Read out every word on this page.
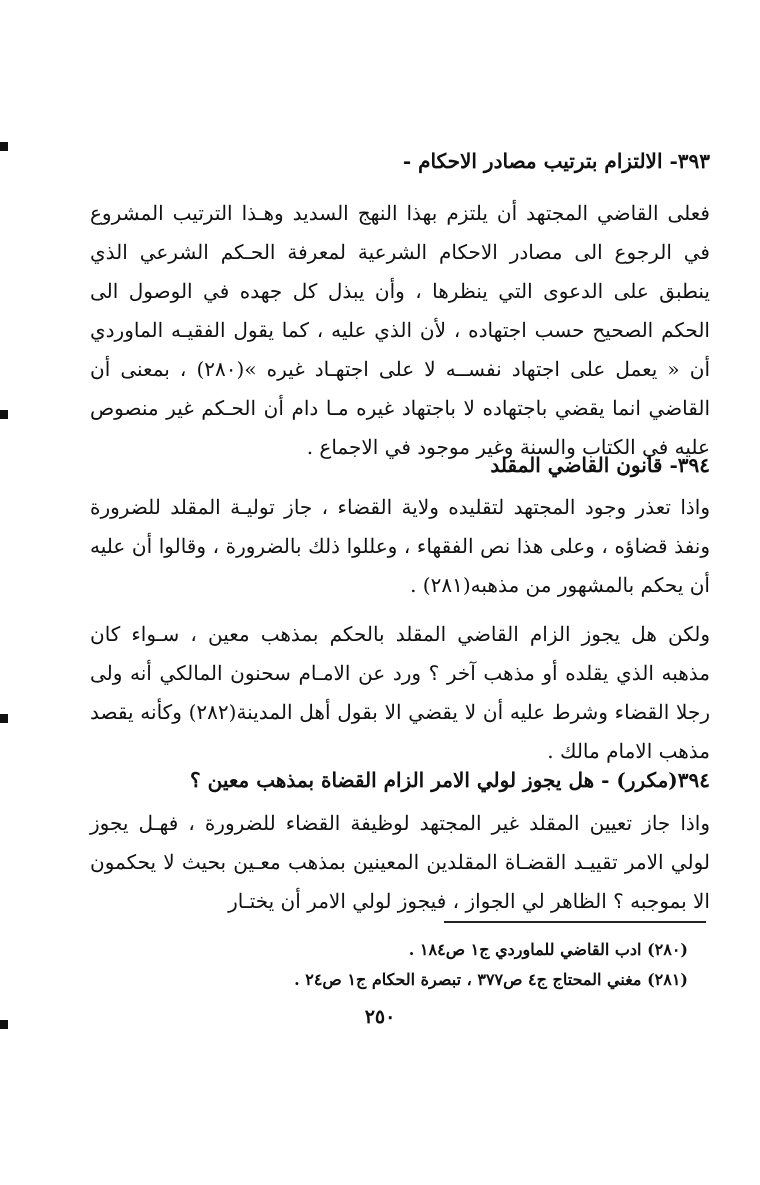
٣٩٣- الالتزام بترتيب مصادر الاحكام -

فعلى القاضي المجتهد أن يلتزم بهذا النهج السديد وهـذا الترتيب المشروع في الرجوع الى مصادر الاحكام الشرعية لمعرفة الحـكم الشرعي الذي ينطبق على الدعوى التي ينظرها ، وأن يبذل كل جهده في الوصول الى الحكم الصحيح حسب اجتهاده ، لأن الذي عليه ، كما يقول الفقيـه الماوردي أن « يعمل على اجتهاد نفســه لا على اجتهـاد غيره »(٢٨٠) ، بمعنى أن القاضي انما يقضي باجتهاده لا باجتهاد غيره مـا دام أن الحـكم غير منصوص عليه في الكتاب والسنة وغير موجود في الاجماع .

٣٩٤- قانون القاضي المقلد

واذا تعذر وجود المجتهد لتقليده ولاية القضاء ، جاز توليـة المقلد للضرورة ونفذ قضاؤه ، وعلى هذا نص الفقهاء ، وعللوا ذلك بالضرورة ، وقالوا أن عليه أن يحكم بالمشهور من مذهبه(٢٨١) .

ولكن هل يجوز الزام القاضي المقلد بالحكم بمذهب معين ، سـواء كان مذهبه الذي يقلده أو مذهب آخر ؟ ورد عن الامـام سحنون المالكي أنه ولى رجلا القضاء وشرط عليه أن لا يقضي الا بقول أهل المدينة(٢٨٢) وكأنه يقصد مذهب الامام مالك .

٣٩٤(مكرر) - هل يجوز لولي الامر الزام القضاة بمذهب معين ؟

واذا جاز تعيين المقلد غير المجتهد لوظيفة القضاء للضرورة ، فهـل يجوز لولي الامر تقييـد القضـاة المقلدين المعينين بمذهب معـين بحيث لا يحكمون الا بموجبه ؟ الظاهر لي الجواز ، فيجوز لولي الامر أن يختـار

(٢٨٠) ادب القاضي للماوردي ج١ ص١٨٤ .
(٢٨١) مغني المحتاج ج٤ ص٣٧٧ ، تبصرة الحكام ج١ ص٢٤ .
٢٥٠
